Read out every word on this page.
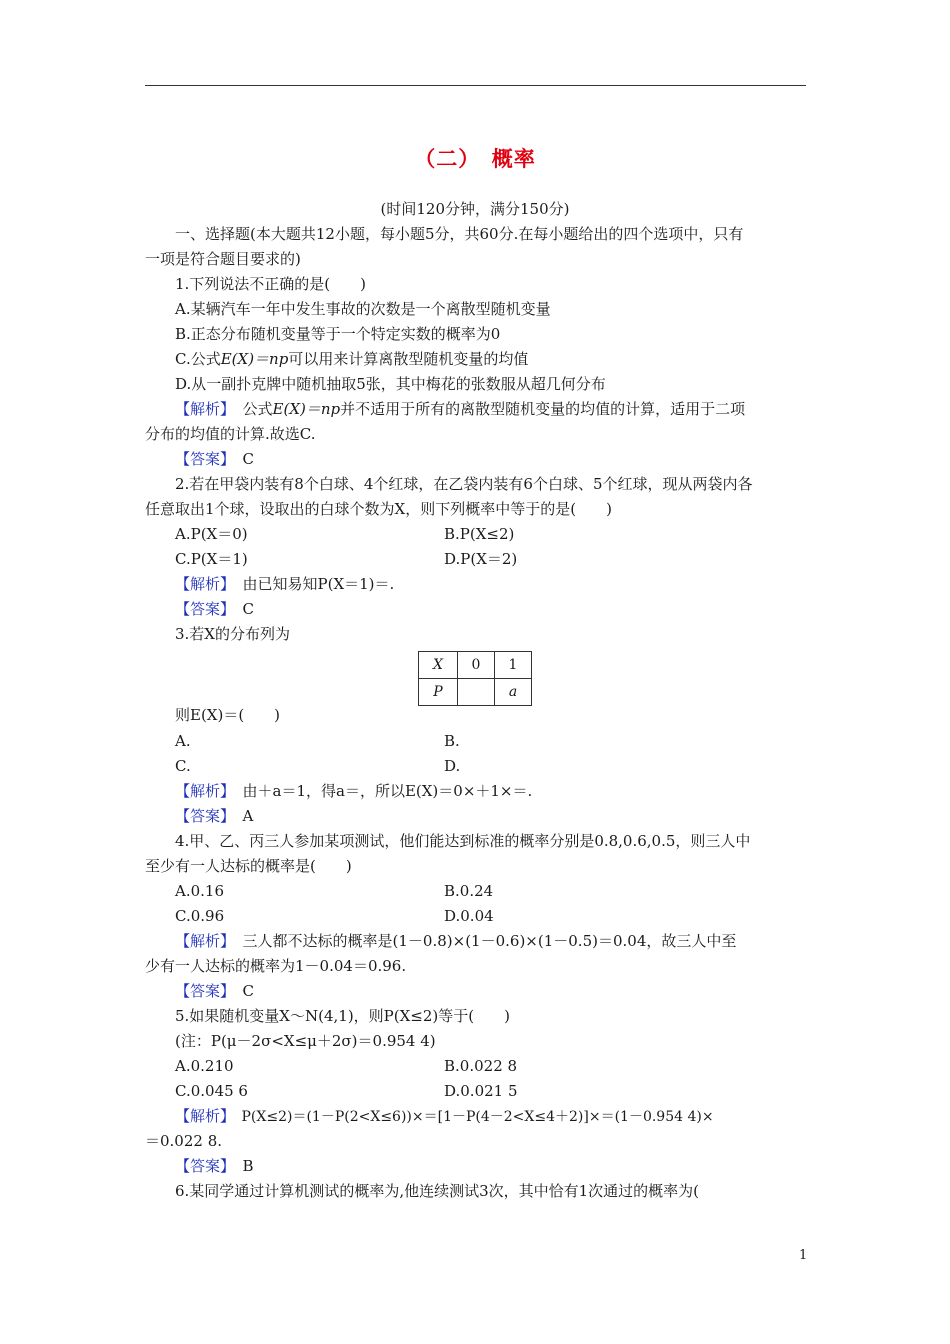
（二）　概率
(时间120分钟，满分150分)
一、选择题(本大题共12小题，每小题5分，共60分.在每小题给出的四个选项中，只有
一项是符合题目要求的)
1.下列说法不正确的是(　　)
A.某辆汽车一年中发生事故的次数是一个离散型随机变量
B.正态分布随机变量等于一个特定实数的概率为0
C.公式E(X)＝np可以用来计算离散型随机变量的均值
D.从一副扑克牌中随机抽取5张，其中梅花的张数服从超几何分布
【解析】　公式E(X)＝np并不适用于所有的离散型随机变量的均值的计算，适用于二项
分布的均值的计算.故选C.
【答案】　C
2.若在甲袋内装有8个白球、4个红球，在乙袋内装有6个白球、5个红球，现从两袋内各
任意取出1个球，设取出的白球个数为X，则下列概率中等于的是(　　)
A.P(X＝0)	B.P(X≤2)
C.P(X＝1)	D.P(X＝2)
【解析】　由已知易知P(X＝1)＝.
【答案】　C
3.若X的分布列为
X	0	1
P		a
则E(X)＝(　　)
A.	B.
C.	D.
【解析】　由＋a＝1，得a＝，所以E(X)＝0×＋1×＝.
【答案】　A
4.甲、乙、丙三人参加某项测试，他们能达到标准的概率分别是0.8,0.6,0.5，则三人中
至少有一人达标的概率是(　　)
A.0.16	B.0.24
C.0.96	D.0.04
【解析】　三人都不达标的概率是(1－0.8)×(1－0.6)×(1－0.5)＝0.04，故三人中至
少有一人达标的概率为1－0.04＝0.96.
【答案】　C
5.如果随机变量X～N(4,1)，则P(X≤2)等于(　　)
(注：P(μ－2σ<X≤μ＋2σ)＝0.954 4)
A.0.210	B.0.022 8
C.0.045 6	D.0.021 5
【解析】　P(X≤2)＝(1－P(2<X≤6))×＝[1－P(4－2<X≤4＋2)]×＝(1－0.954 4)×
＝0.022 8.
【答案】　B
6.某同学通过计算机测试的概率为,他连续测试3次，其中恰有1次通过的概率为(
1
